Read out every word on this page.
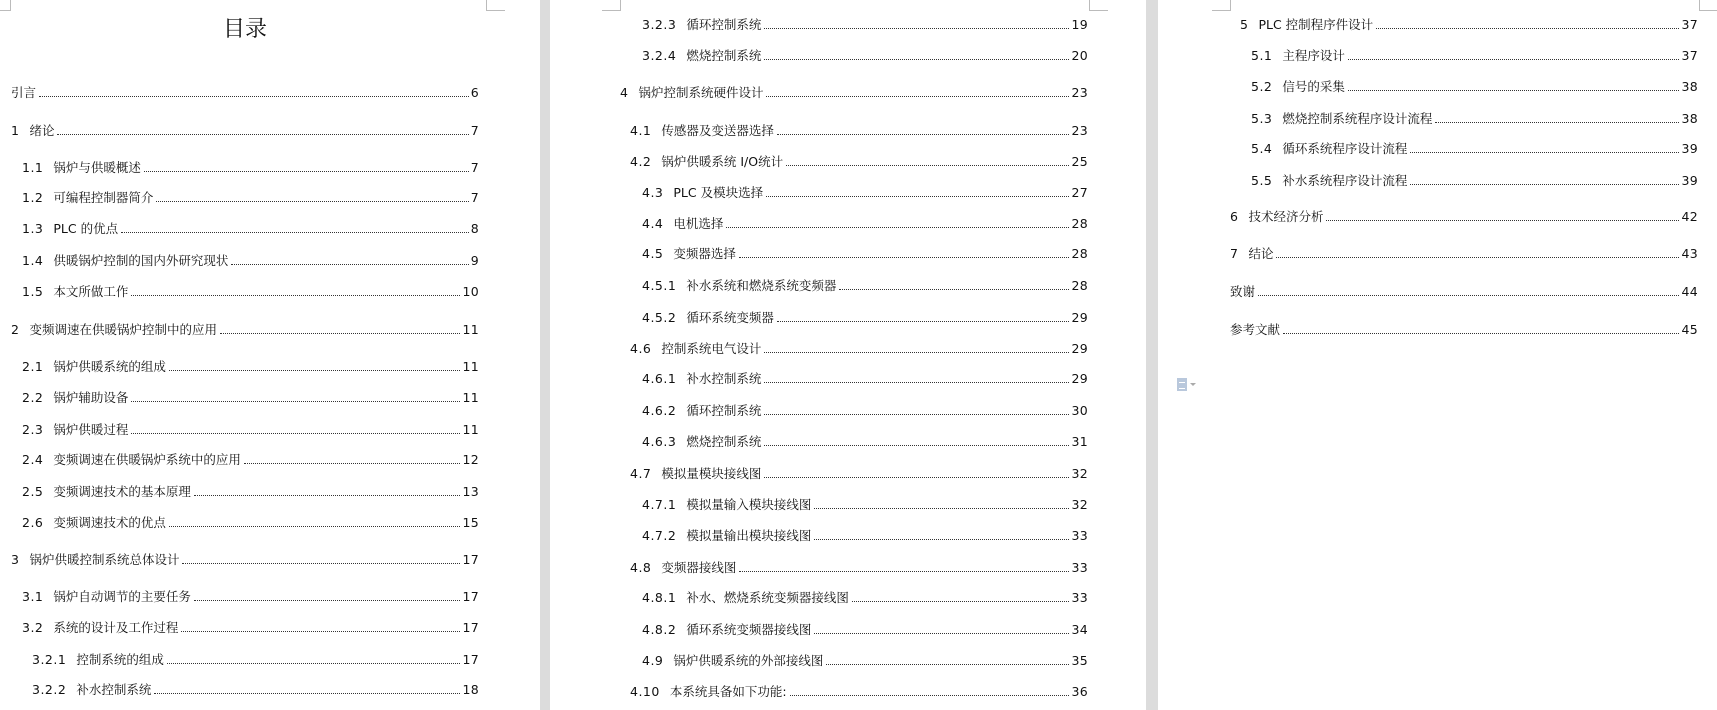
目录
引言	6
1 绪论	7
1.1 锅炉与供暖概述	7
1.2 可编程控制器简介	7
1.3 PLC 的优点	8
1.4 供暖锅炉控制的国内外研究现状	9
1.5 本文所做工作	10
2 变频调速在供暖锅炉控制中的应用	11
2.1 锅炉供暖系统的组成	11
2.2 锅炉辅助设备	11
2.3 锅炉供暖过程	11
2.4 变频调速在供暖锅炉系统中的应用	12
2.5 变频调速技术的基本原理	13
2.6 变频调速技术的优点	15
3 锅炉供暖控制系统总体设计	17
3.1 锅炉自动调节的主要任务	17
3.2 系统的设计及工作过程	17
3.2.1 控制系统的组成	17
3.2.2 补水控制系统	18
3.2.3 循环控制系统	19
3.2.4 燃烧控制系统	20
4 锅炉控制系统硬件设计	23
4.1 传感器及变送器选择	23
4.2 锅炉供暖系统 I/O统计	25
4.3 PLC 及模块选择	27
4.4 电机选择	28
4.5 变频器选择	28
4.5.1 补水系统和燃烧系统变频器	28
4.5.2 循环系统变频器	29
4.6 控制系统电气设计	29
4.6.1 补水控制系统	29
4.6.2 循环控制系统	30
4.6.3 燃烧控制系统	31
4.7 模拟量模块接线图	32
4.7.1 模拟量输入模块接线图	32
4.7.2 模拟量输出模块接线图	33
4.8 变频器接线图	33
4.8.1 补水、燃烧系统变频器接线图	33
4.8.2 循环系统变频器接线图	34
4.9 锅炉供暖系统的外部接线图	35
4.10 本系统具备如下功能:	36
5 PLC 控制程序件设计	37
5.1 主程序设计	37
5.2 信号的采集	38
5.3 燃烧控制系统程序设计流程	38
5.4 循环系统程序设计流程	39
5.5 补水系统程序设计流程	39
6 技术经济分析	42
7 结论	43
致谢	44
参考文献	45
